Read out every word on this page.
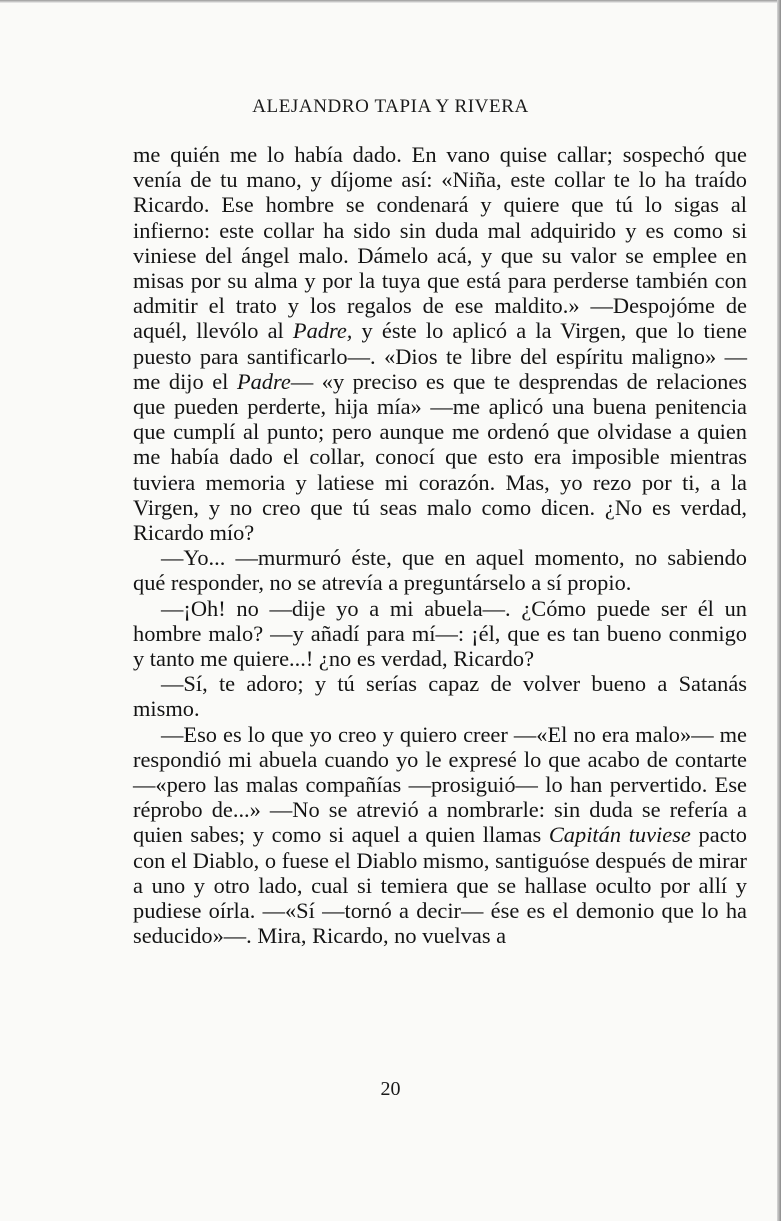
ALEJANDRO TAPIA Y RIVERA

me quién me lo había dado. En vano quise callar; sospechó que venía de tu mano, y díjome así: «Niña, este collar te lo ha traído Ricardo. Ese hombre se condenará y quiere que tú lo sigas al infierno: este collar ha sido sin duda mal adquirido y es como si viniese del ángel malo. Dámelo acá, y que su valor se emplee en misas por su alma y por la tuya que está para perderse también con admitir el trato y los regalos de ese maldito.» —Despojóme de aquél, llevólo al Padre, y éste lo aplicó a la Virgen, que lo tiene puesto para santificarlo—. «Dios te libre del espíritu maligno» —me dijo el Padre— «y preciso es que te desprendas de relaciones que pueden perderte, hija mía» —me aplicó una buena penitencia que cumplí al punto; pero aunque me ordenó que olvidase a quien me había dado el collar, conocí que esto era imposible mientras tuviera memoria y latiese mi corazón. Mas, yo rezo por ti, a la Virgen, y no creo que tú seas malo como dicen. ¿No es verdad, Ricardo mío?

—Yo... —murmuró éste, que en aquel momento, no sabiendo qué responder, no se atrevía a preguntárselo a sí propio.

—¡Oh! no —dije yo a mi abuela—. ¿Cómo puede ser él un hombre malo? —y añadí para mí—: ¡él, que es tan bueno conmigo y tanto me quiere...! ¿no es verdad, Ricardo?

—Sí, te adoro; y tú serías capaz de volver bueno a Satanás mismo.

—Eso es lo que yo creo y quiero creer —«El no era malo»— me respondió mi abuela cuando yo le expresé lo que acabo de contarte —«pero las malas compañías —prosiguió— lo han pervertido. Ese réprobo de...» —No se atrevió a nombrarle: sin duda se refería a quien sabes; y como si aquel a quien llamas Capitán tuviese pacto con el Diablo, o fuese el Diablo mismo, santiguóse después de mirar a uno y otro lado, cual si temiera que se hallase oculto por allí y pudiese oírla. —«Sí —tornó a decir— ése es el demonio que lo ha seducido»—. Mira, Ricardo, no vuelvas a

20
